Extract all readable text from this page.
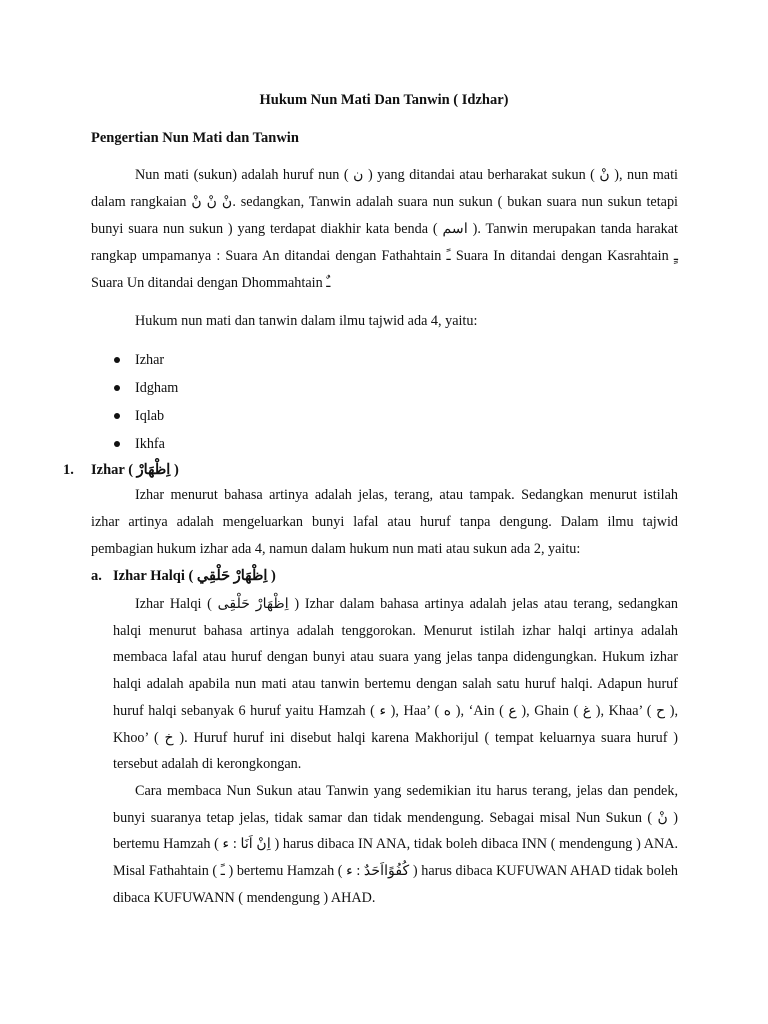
Hukum Nun Mati Dan Tanwin ( Idzhar)
Pengertian Nun Mati dan Tanwin

Nun mati (sukun) adalah huruf nun ( ن ) yang ditandai atau berharakat sukun ( نْ ), nun mati dalam rangkaian نْ نْ نْ. sedangkan, Tanwin adalah suara nun sukun ( bukan suara nun sukun tetapi bunyi suara nun sukun ) yang terdapat diakhir kata benda ( اسم ). Tanwin merupakan tanda harakat rangkap umpamanya : Suara An ditandai dengan Fathahtain ـً Suara In ditandai dengan Kasrahtain ـٍ Suara Un ditandai dengan Dhommahtain ـٌ

Hukum nun mati dan tanwin dalam ilmu tajwid ada 4, yaitu:

Izhar
Idgham
Iqlab
Ikhfa
1. Izhar ( اِظْهَارْ )

Izhar menurut bahasa artinya adalah jelas, terang, atau tampak. Sedangkan menurut istilah izhar artinya adalah mengeluarkan bunyi lafal atau huruf tanpa dengung. Dalam ilmu tajwid pembagian hukum izhar ada 4, namun dalam hukum nun mati atau sukun ada 2, yaitu:

a. Izhar Halqi ( اِظْهَارْ حَلْقِي )

Izhar Halqi ( اِظْهَارْ حَلْقِى ) Izhar dalam bahasa artinya adalah jelas atau terang, sedangkan halqi menurut bahasa artinya adalah tenggorokan. Menurut istilah izhar halqi artinya adalah membaca lafal atau huruf dengan bunyi atau suara yang jelas tanpa didengungkan. Hukum izhar halqi adalah apabila nun mati atau tanwin bertemu dengan salah satu huruf halqi. Adapun huruf huruf halqi sebanyak 6 huruf yaitu Hamzah ( ء ), Haa’ ( ه ), ‘Ain ( ع ), Ghain ( غ ), Khaa’ ( ح ), Khoo’ ( خ ). Huruf huruf ini disebut halqi karena Makhorijul ( tempat keluarnya suara huruf ) tersebut adalah di kerongkongan.

Cara membaca Nun Sukun atau Tanwin yang sedemikian itu harus terang, jelas dan pendek, bunyi suaranya tetap jelas, tidak samar dan tidak mendengung. Sebagai misal Nun Sukun ( نْ ) bertemu Hamzah ( اِنْ اَنَا : ء ) harus dibaca IN ANA, tidak boleh dibaca INN ( mendengung ) ANA. Misal Fathahtain ( ـً ) bertemu Hamzah ( كُفُوًااَحَدٌ : ء ) harus dibaca KUFUWAN AHAD tidak boleh dibaca KUFUWANN ( mendengung ) AHAD.
